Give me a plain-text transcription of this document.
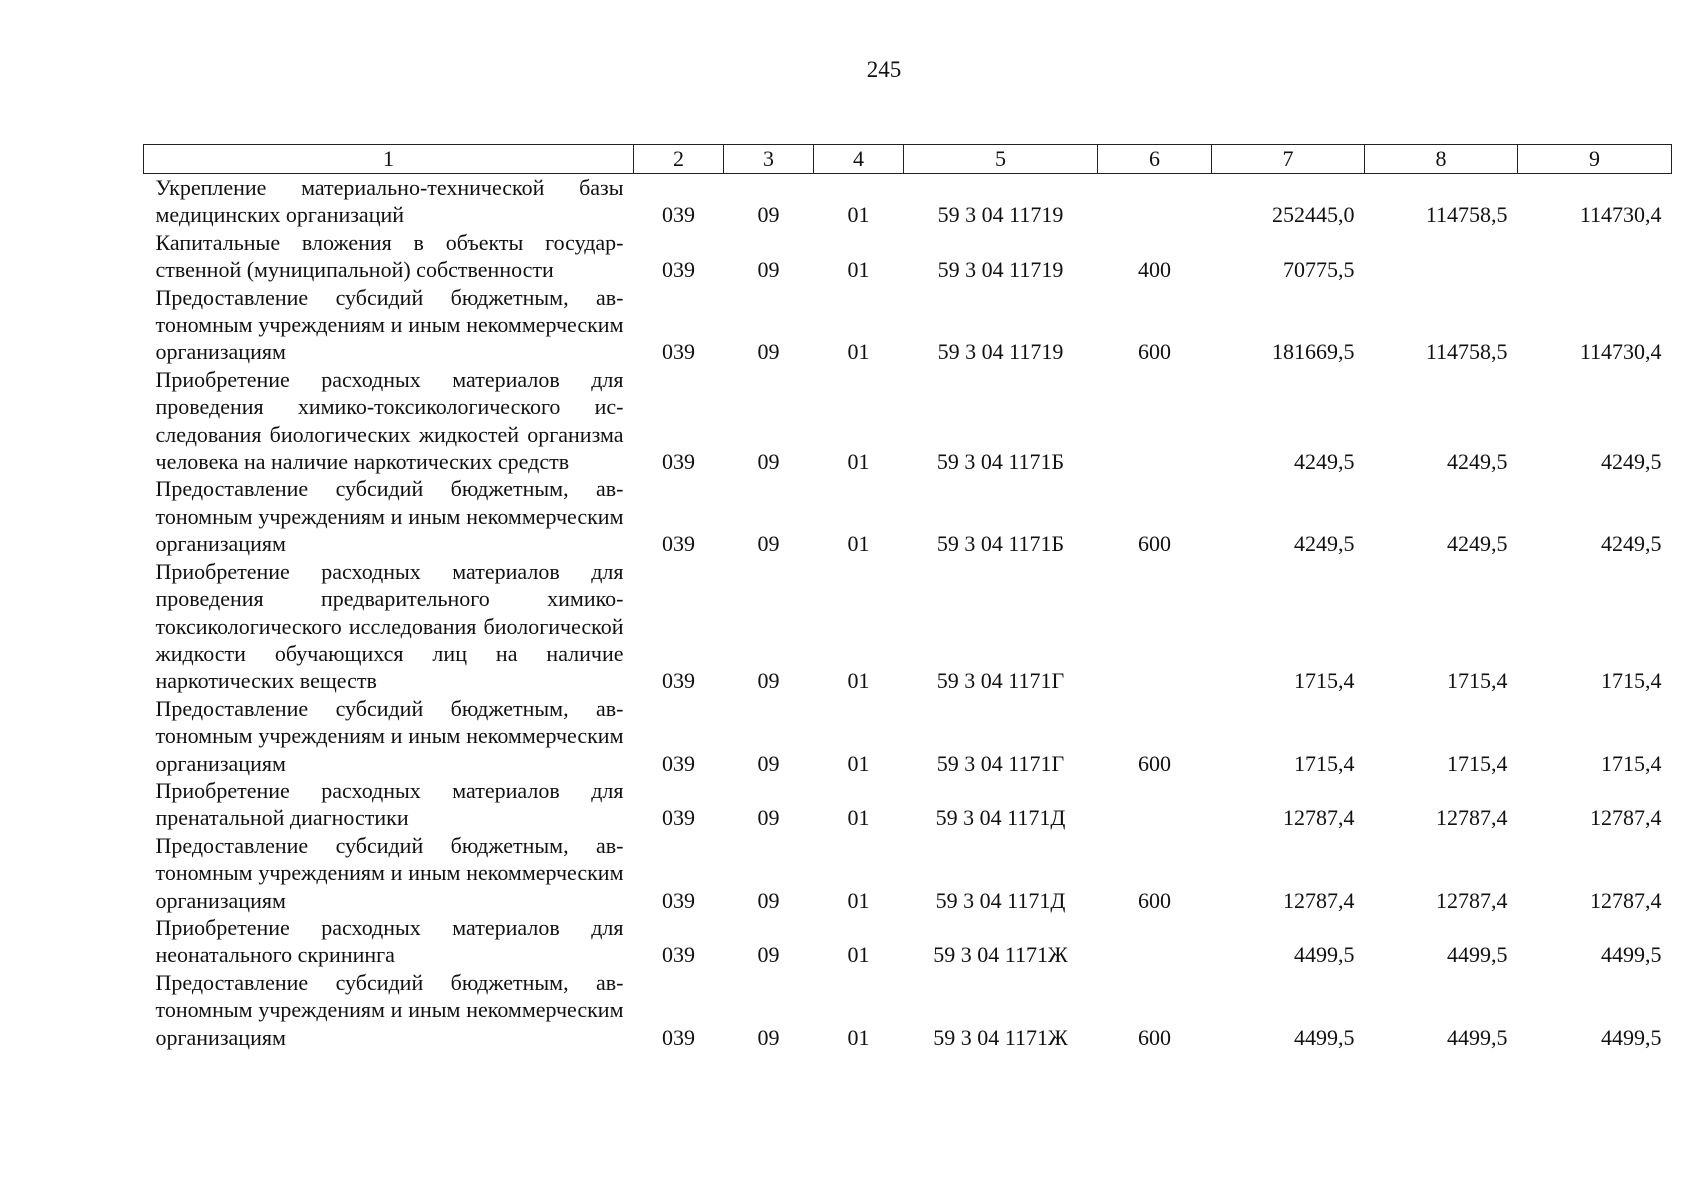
245
1	2	3	4	5	6	7	8	9
Укрепление материально-технической базы медицинских организаций	039	09	01	59 3 04 11719		252445,0	114758,5	114730,4
Капитальные вложения в объекты государственной (муниципальной) собственности	039	09	01	59 3 04 11719	400	70775,5		
Предоставление субсидий бюджетным, автономным учреждениям и иным некоммерческим организациям	039	09	01	59 3 04 11719	600	181669,5	114758,5	114730,4
Приобретение расходных материалов для проведения химико-токсикологического исследования биологических жидкостей организма человека на наличие наркотических средств	039	09	01	59 3 04 1171Б		4249,5	4249,5	4249,5
Предоставление субсидий бюджетным, автономным учреждениям и иным некоммерческим организациям	039	09	01	59 3 04 1171Б	600	4249,5	4249,5	4249,5
Приобретение расходных материалов для проведения предварительного химико-токсикологического исследования биологической жидкости обучающихся лиц на наличие наркотических веществ	039	09	01	59 3 04 1171Г		1715,4	1715,4	1715,4
Предоставление субсидий бюджетным, автономным учреждениям и иным некоммерческим организациям	039	09	01	59 3 04 1171Г	600	1715,4	1715,4	1715,4
Приобретение расходных материалов для пренатальной диагностики	039	09	01	59 3 04 1171Д		12787,4	12787,4	12787,4
Предоставление субсидий бюджетным, автономным учреждениям и иным некоммерческим организациям	039	09	01	59 3 04 1171Д	600	12787,4	12787,4	12787,4
Приобретение расходных материалов для неонатального скрининга	039	09	01	59 3 04 1171Ж		4499,5	4499,5	4499,5
Предоставление субсидий бюджетным, автономным учреждениям и иным некоммерческим организациям	039	09	01	59 3 04 1171Ж	600	4499,5	4499,5	4499,5
